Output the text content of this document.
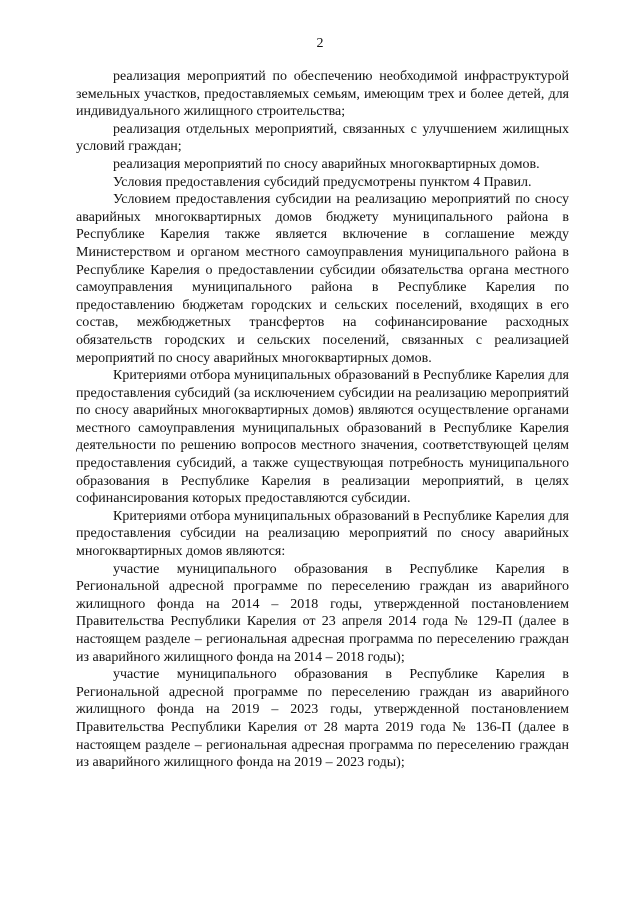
2

реализация мероприятий по обеспечению необходимой инфраструктурой земельных участков, предоставляемых семьям, имеющим трех и более детей, для индивидуального жилищного строительства;

реализация отдельных мероприятий, связанных с улучшением жилищных условий граждан;

реализация мероприятий по сносу аварийных многоквартирных домов.

Условия предоставления субсидий предусмотрены пунктом 4 Правил.

Условием предоставления субсидии на реализацию мероприятий по сносу аварийных многоквартирных домов бюджету муниципального района в Республике Карелия также является включение в соглашение между Министерством и органом местного самоуправления муниципального района в Республике Карелия о предоставлении субсидии обязательства органа местного самоуправления муниципального района в Республике Карелия по предоставлению бюджетам городских и сельских поселений, входящих в его состав, межбюджетных трансфертов на софинансирование расходных обязательств городских и сельских поселений, связанных с реализацией мероприятий по сносу аварийных многоквартирных домов.

Критериями отбора муниципальных образований в Республике Карелия для предоставления субсидий (за исключением субсидии на реализацию мероприятий по сносу аварийных многоквартирных домов) являются осуществление органами местного самоуправления муниципальных образований в Республике Карелия деятельности по решению вопросов местного значения, соответствующей целям предоставления субсидий, а также существующая потребность муниципального образования в Республике Карелия в реализации мероприятий, в целях софинансирования которых предоставляются субсидии.

Критериями отбора муниципальных образований в Республике Карелия для предоставления субсидии на реализацию мероприятий по сносу аварийных многоквартирных домов являются:

участие муниципального образования в Республике Карелия в Региональной адресной программе по переселению граждан из аварийного жилищного фонда на 2014 – 2018 годы, утвержденной постановлением Правительства Республики Карелия от 23 апреля 2014 года № 129-П (далее в настоящем разделе – региональная адресная программа по переселению граждан из аварийного жилищного фонда на 2014 – 2018 годы);

участие муниципального образования в Республике Карелия в Региональной адресной программе по переселению граждан из аварийного жилищного фонда на 2019 – 2023 годы, утвержденной постановлением Правительства Республики Карелия от 28 марта 2019 года № 136-П (далее в настоящем разделе – региональная адресная программа по переселению граждан из аварийного жилищного фонда на 2019 – 2023 годы);
